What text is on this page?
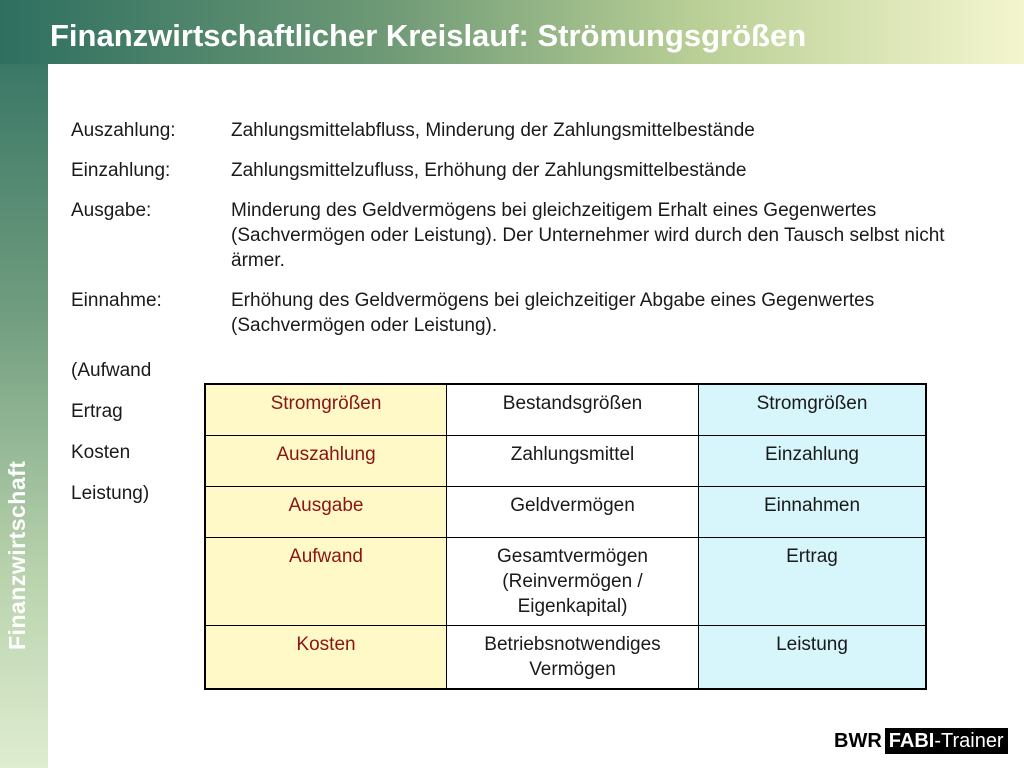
Finanzwirtschaft
Finanzwirtschaftlicher Kreislauf: Strömungsgrößen
Auszahlung:	Zahlungsmittelabfluss, Minderung der Zahlungsmittelbestände
Einzahlung:	Zahlungsmittelzufluss, Erhöhung der Zahlungsmittelbestände
Ausgabe:	Minderung des Geldvermögens bei gleichzeitigem Erhalt eines Gegenwertes (Sachvermögen oder Leistung). Der Unternehmer wird durch den Tausch selbst nicht ärmer.
Einnahme:	Erhöhung des Geldvermögens bei gleichzeitiger Abgabe eines Gegenwertes (Sachvermögen oder Leistung).
(Aufwand
Ertrag
Kosten
Leistung)
Stromgrößen	Bestandsgrößen	Stromgrößen
Auszahlung	Zahlungsmittel	Einzahlung
Ausgabe	Geldvermögen	Einnahmen
Aufwand	Gesamtvermögen (Reinvermögen / Eigenkapital)	Ertrag
Kosten	Betriebsnotwendiges Vermögen	Leistung
BWR FABI-Trainer
